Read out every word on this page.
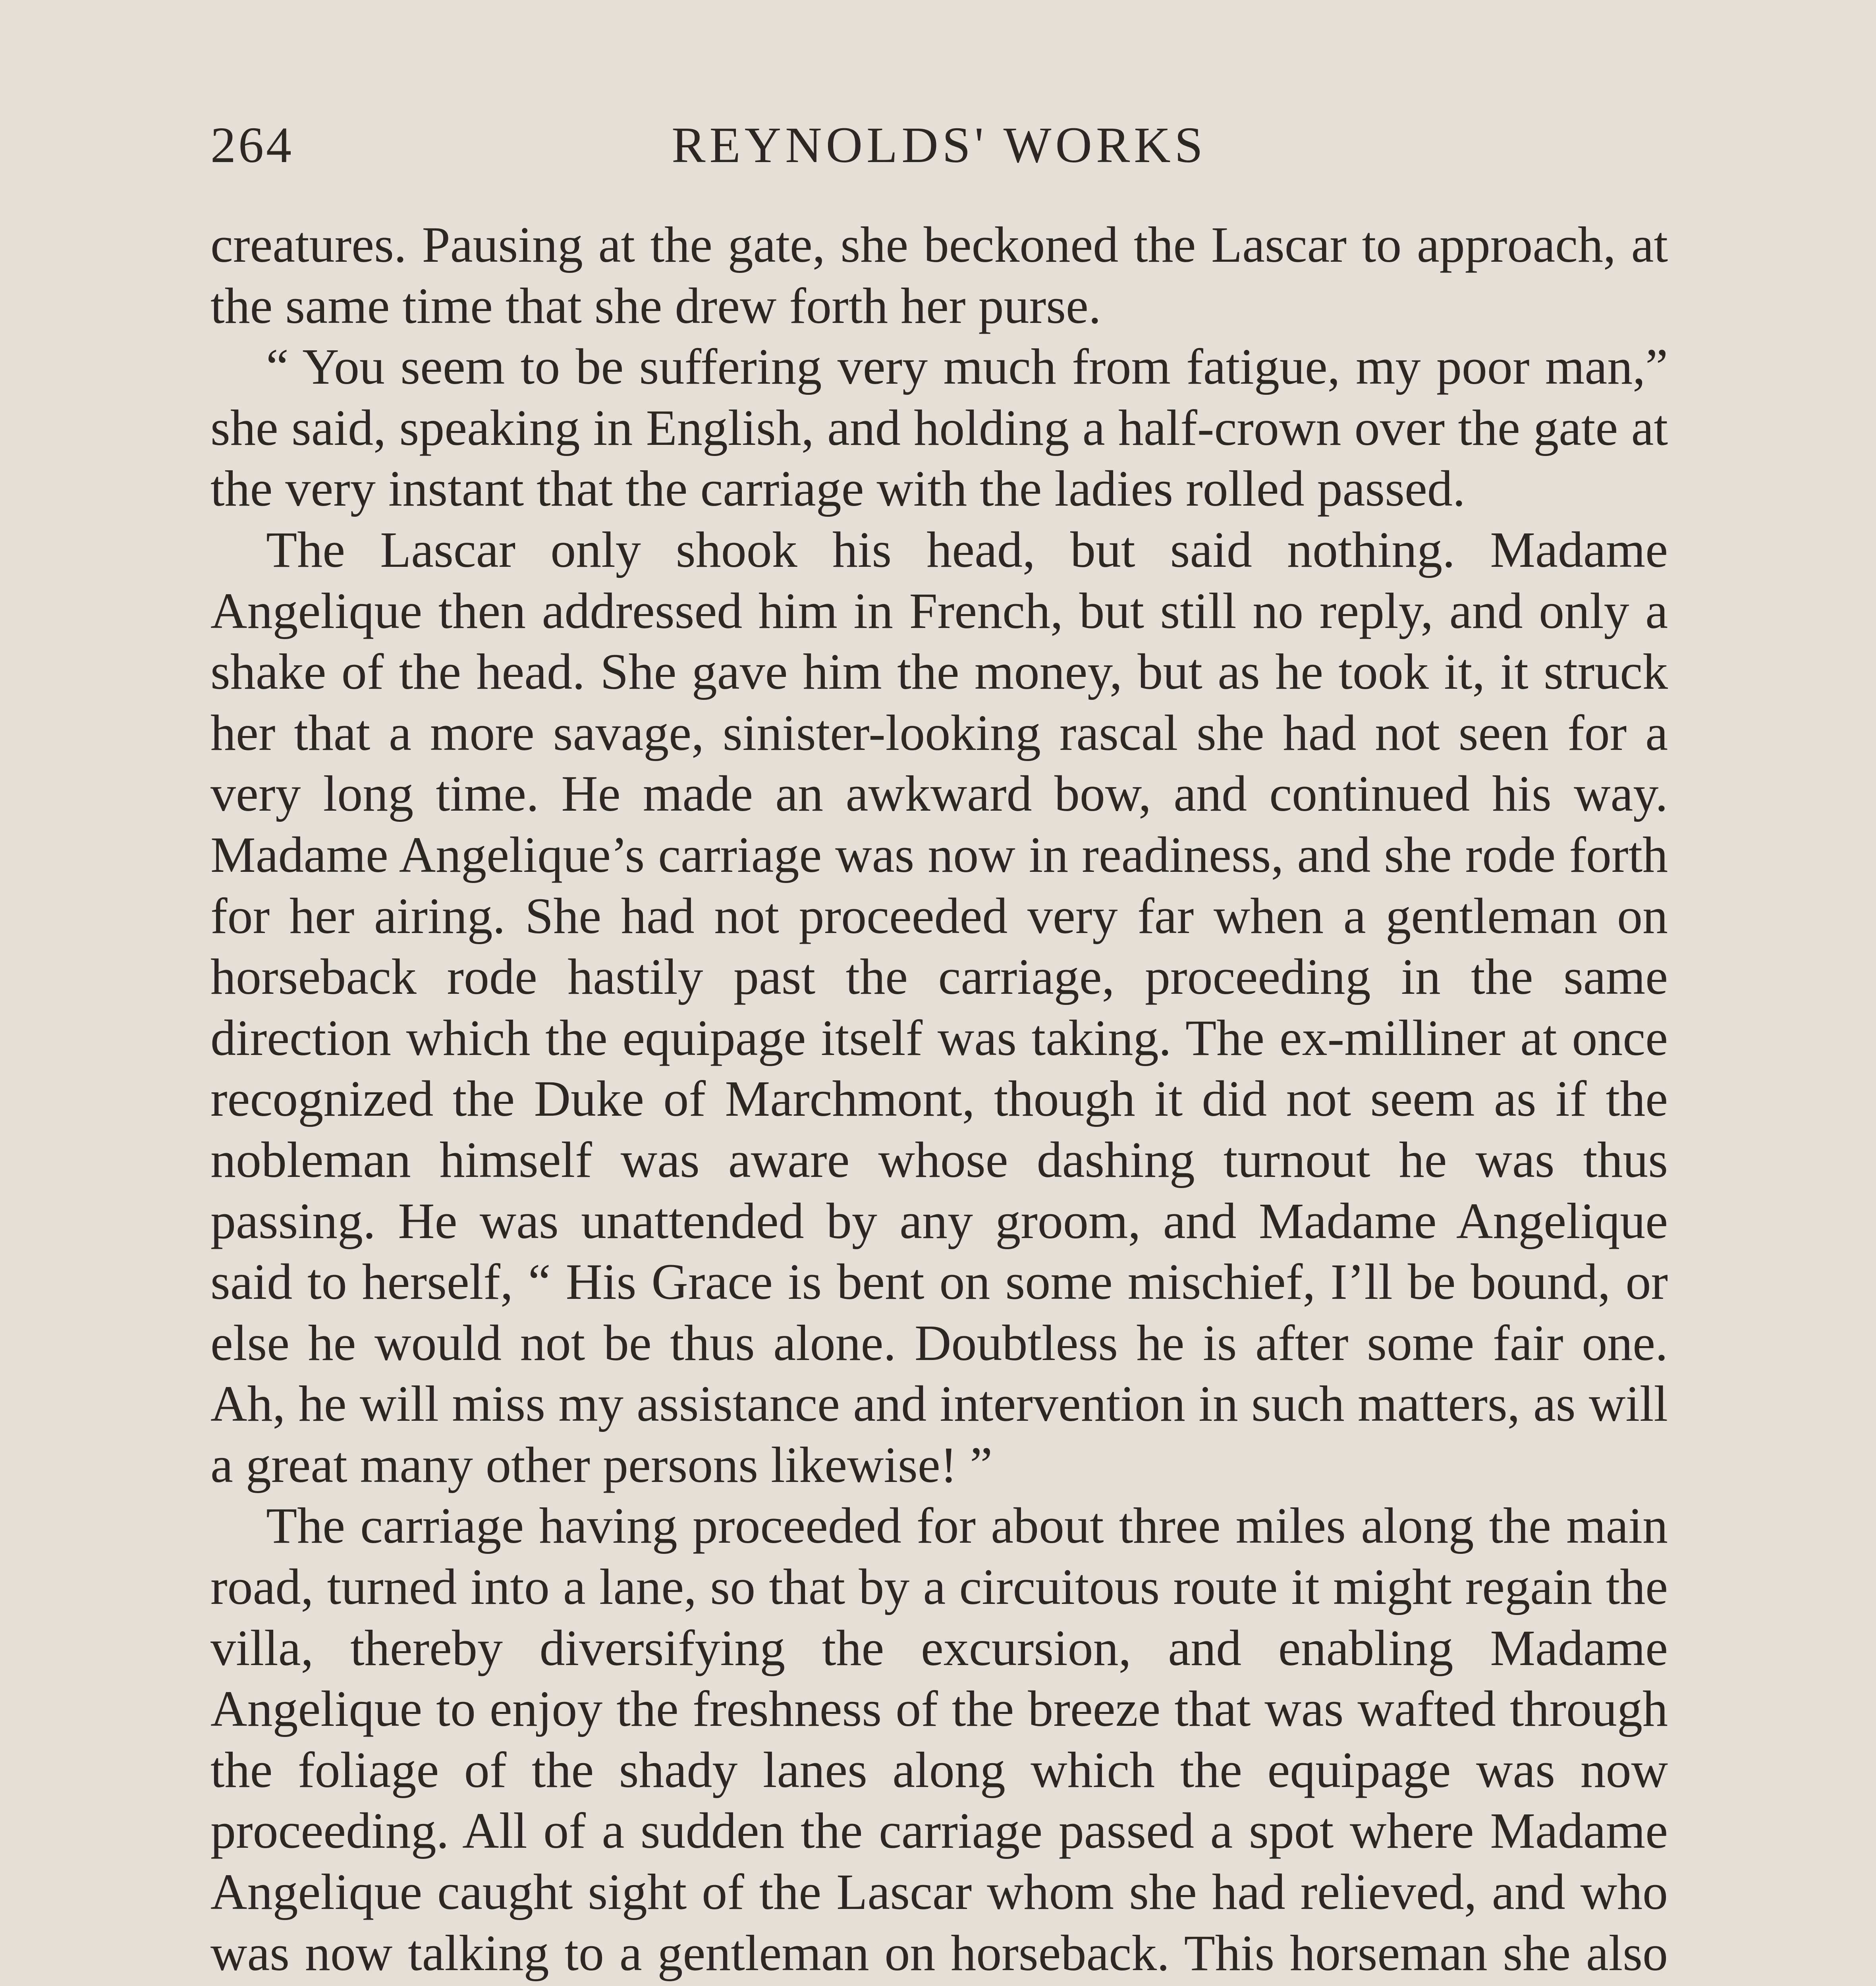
264	REYNOLDS' WORKS

creatures. Pausing at the gate, she beckoned the Lascar to approach, at the same time that she drew forth her purse.

“ You seem to be suffering very much from fatigue, my poor man,” she said, speaking in English, and holding a half-crown over the gate at the very instant that the carriage with the ladies rolled passed.

The Lascar only shook his head, but said nothing. Madame Angelique then addressed him in French, but still no reply, and only a shake of the head. She gave him the money, but as he took it, it struck her that a more savage, sinister-looking rascal she had not seen for a very long time. He made an awkward bow, and continued his way. Madame Angelique’s carriage was now in readiness, and she rode forth for her airing. She had not proceeded very far when a gentleman on horseback rode hastily past the carriage, proceeding in the same direction which the equipage itself was taking. The ex-milliner at once recognized the Duke of Marchmont, though it did not seem as if the nobleman himself was aware whose dashing turnout he was thus passing. He was unattended by any groom, and Madame Angelique said to herself, “ His Grace is bent on some mischief, I’ll be bound, or else he would not be thus alone. Doubtless he is after some fair one. Ah, he will miss my assistance and intervention in such matters, as will a great many other persons likewise! ”

The carriage having proceeded for about three miles along the main road, turned into a lane, so that by a circuitous route it might regain the villa, thereby diversifying the excursion, and enabling Madame Angelique to enjoy the freshness of the breeze that was wafted through the foliage of the shady lanes along which the equipage was now proceeding. All of a sudden the carriage passed a spot where Madame Angelique caught sight of the Lascar whom she had relieved, and who was now talking to a gentleman on horseback. This horseman she also
